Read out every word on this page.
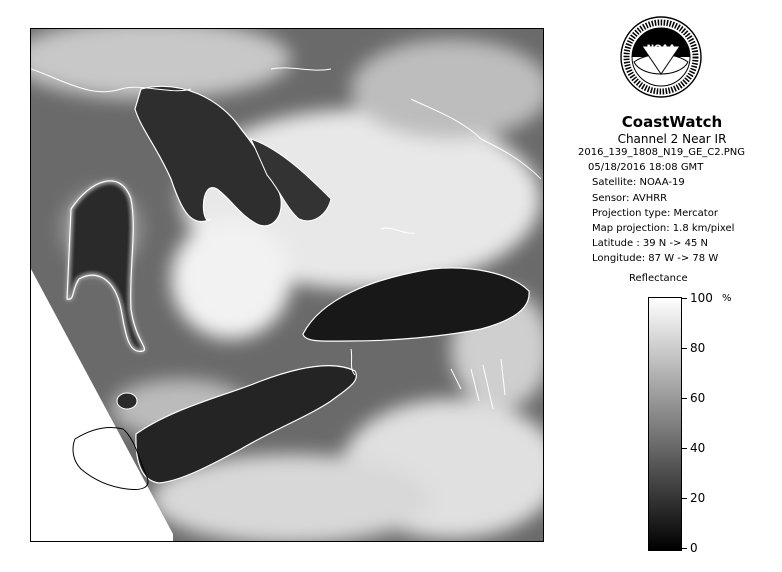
NOAA
CoastWatch
Channel 2 Near IR
2016_139_1808_N19_GE_C2.PNG
05/18/2016 18:08 GMT
Satellite: NOAA-19
Sensor: AVHRR
Projection type: Mercator
Map projection: 1.8 km/pixel
Latitude : 39 N -> 45 N
Longitude: 87 W -> 78 W
Reflectance
%
100
80
60
40
20
0
